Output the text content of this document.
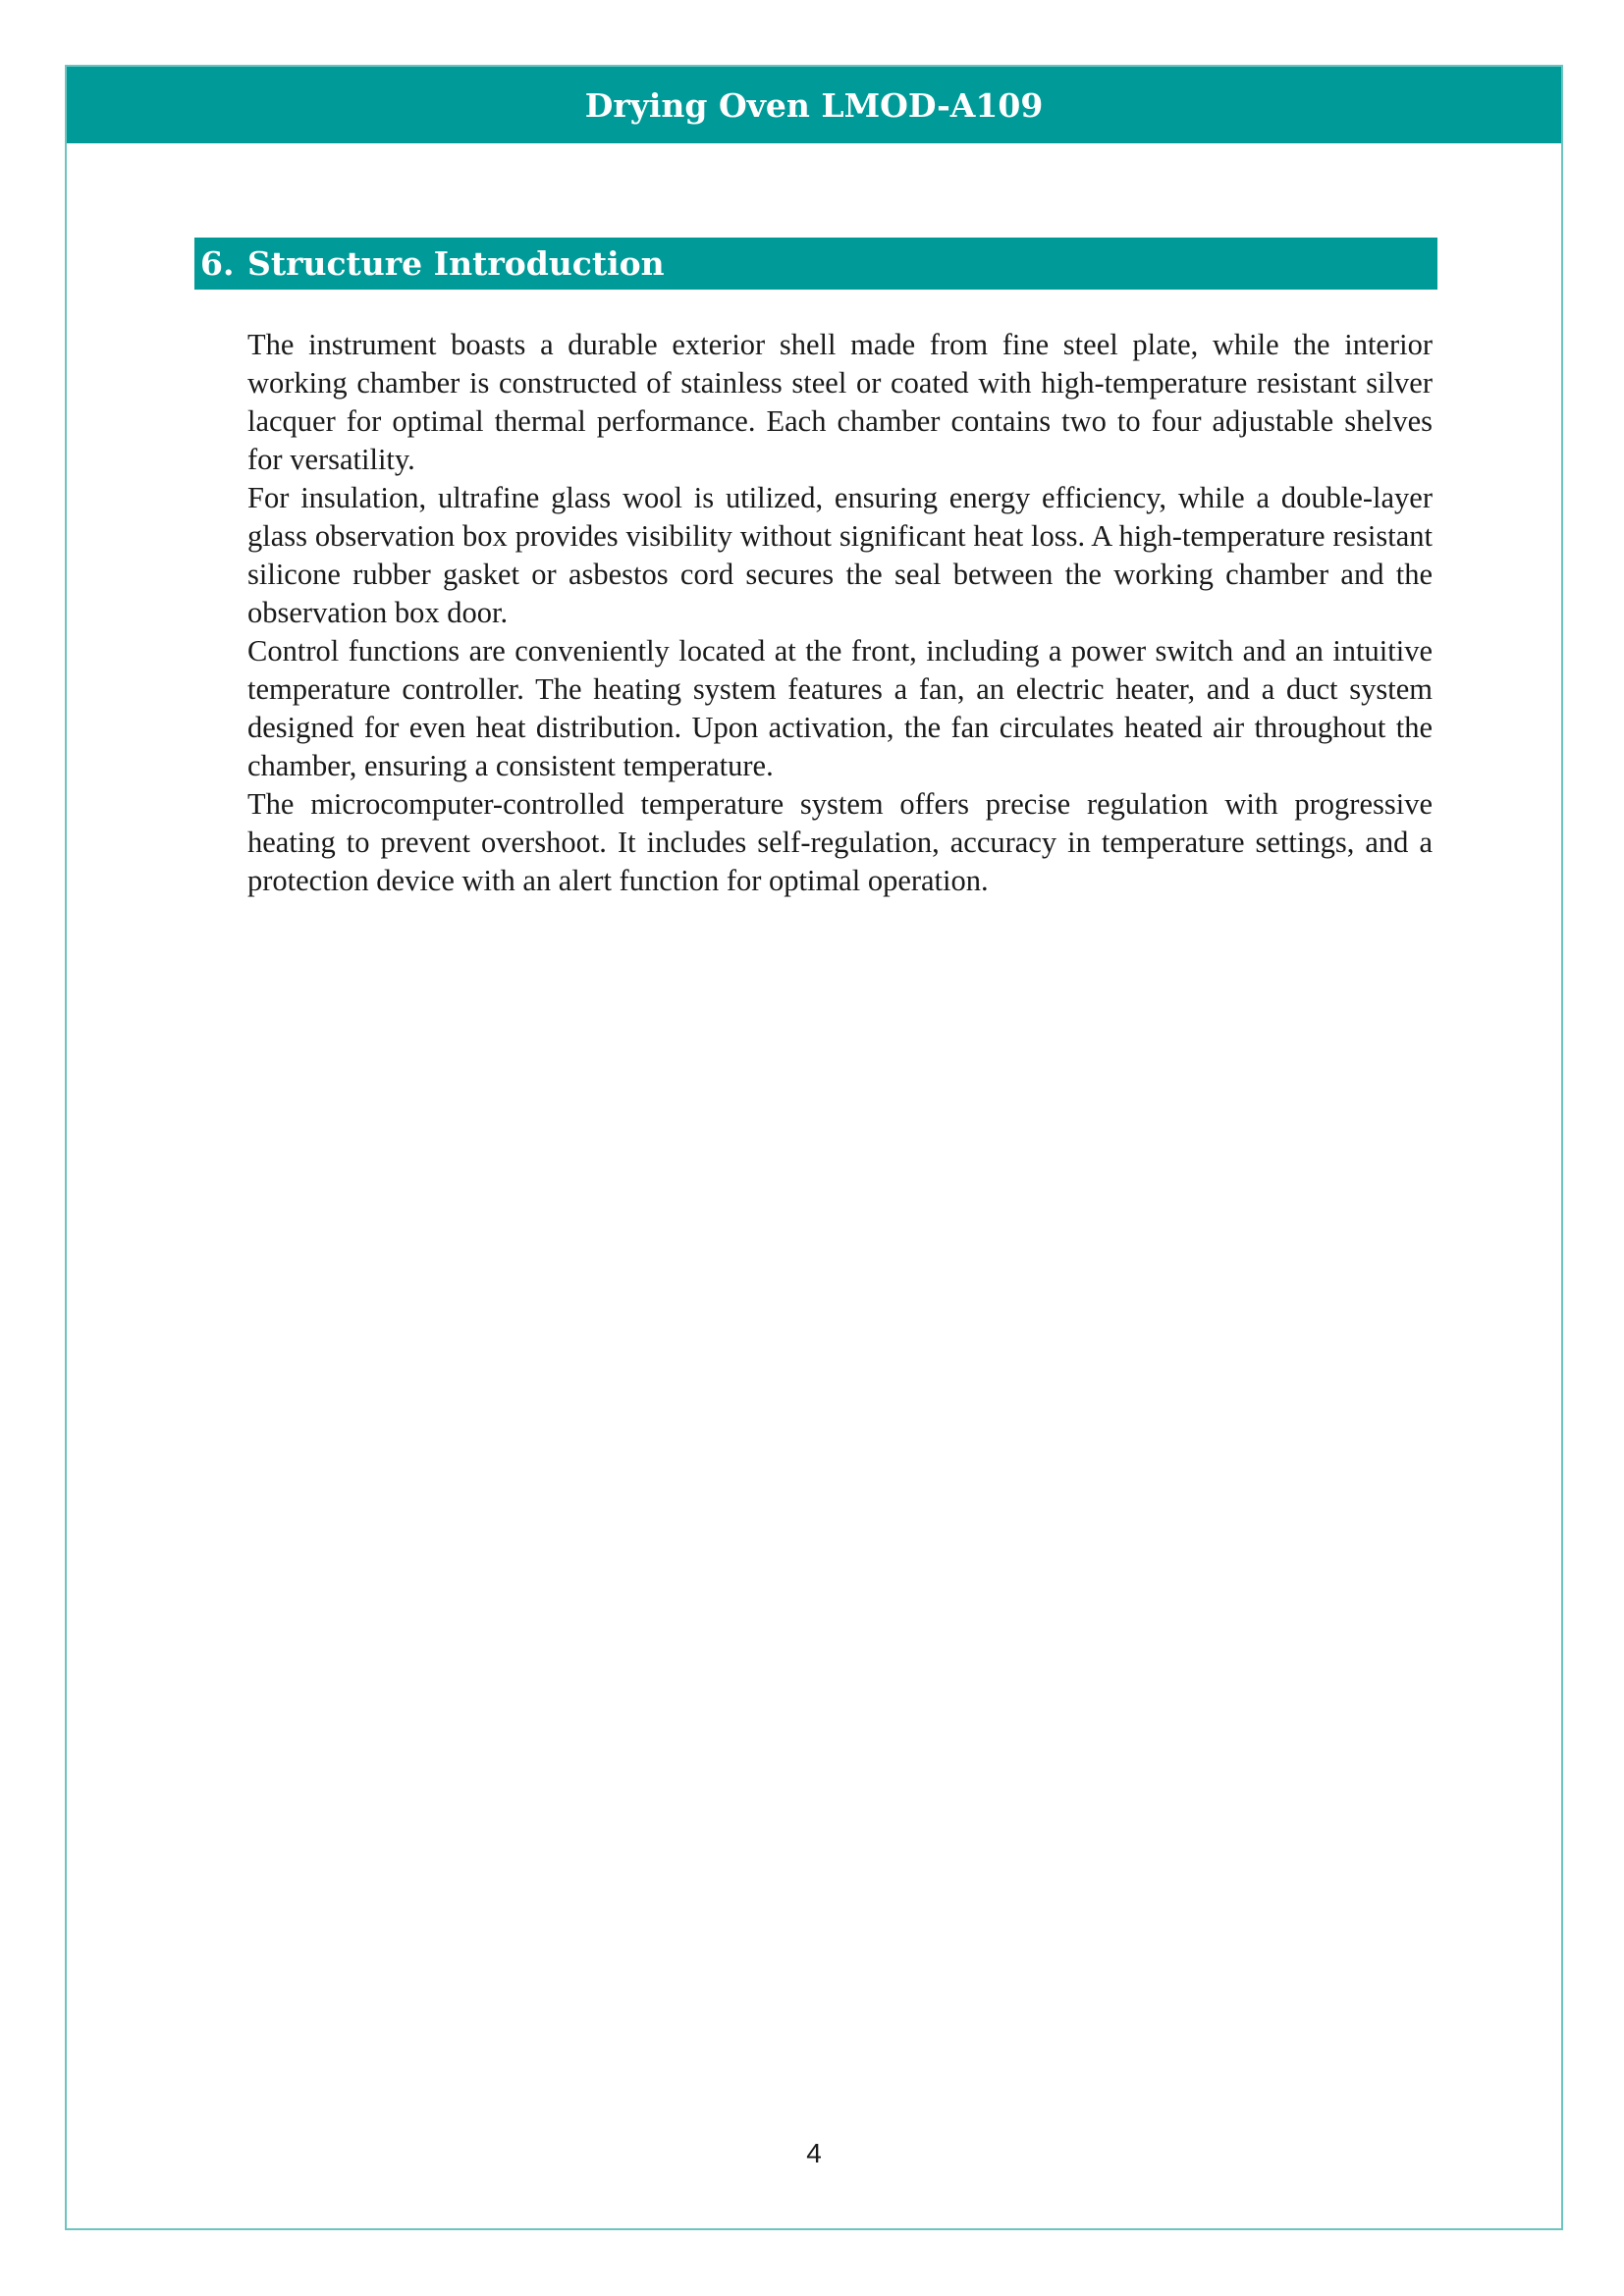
Drying Oven LMOD-A109
6. Structure Introduction

The instrument boasts a durable exterior shell made from fine steel plate, while the interior working chamber is constructed of stainless steel or coated with high-temperature resistant silver lacquer for optimal thermal performance. Each chamber contains two to four adjustable shelves for versatility.

For insulation, ultrafine glass wool is utilized, ensuring energy efficiency, while a double-layer glass observation box provides visibility without significant heat loss. A high-temperature resistant silicone rubber gasket or asbestos cord secures the seal between the working chamber and the observation box door.

Control functions are conveniently located at the front, including a power switch and an intuitive temperature controller. The heating system features a fan, an electric heater, and a duct system designed for even heat distribution. Upon activation, the fan circulates heated air throughout the chamber, ensuring a consistent temperature.

The microcomputer-controlled temperature system offers precise regulation with progressive heating to prevent overshoot. It includes self-regulation, accuracy in temperature settings, and a protection device with an alert function for optimal operation.

4
